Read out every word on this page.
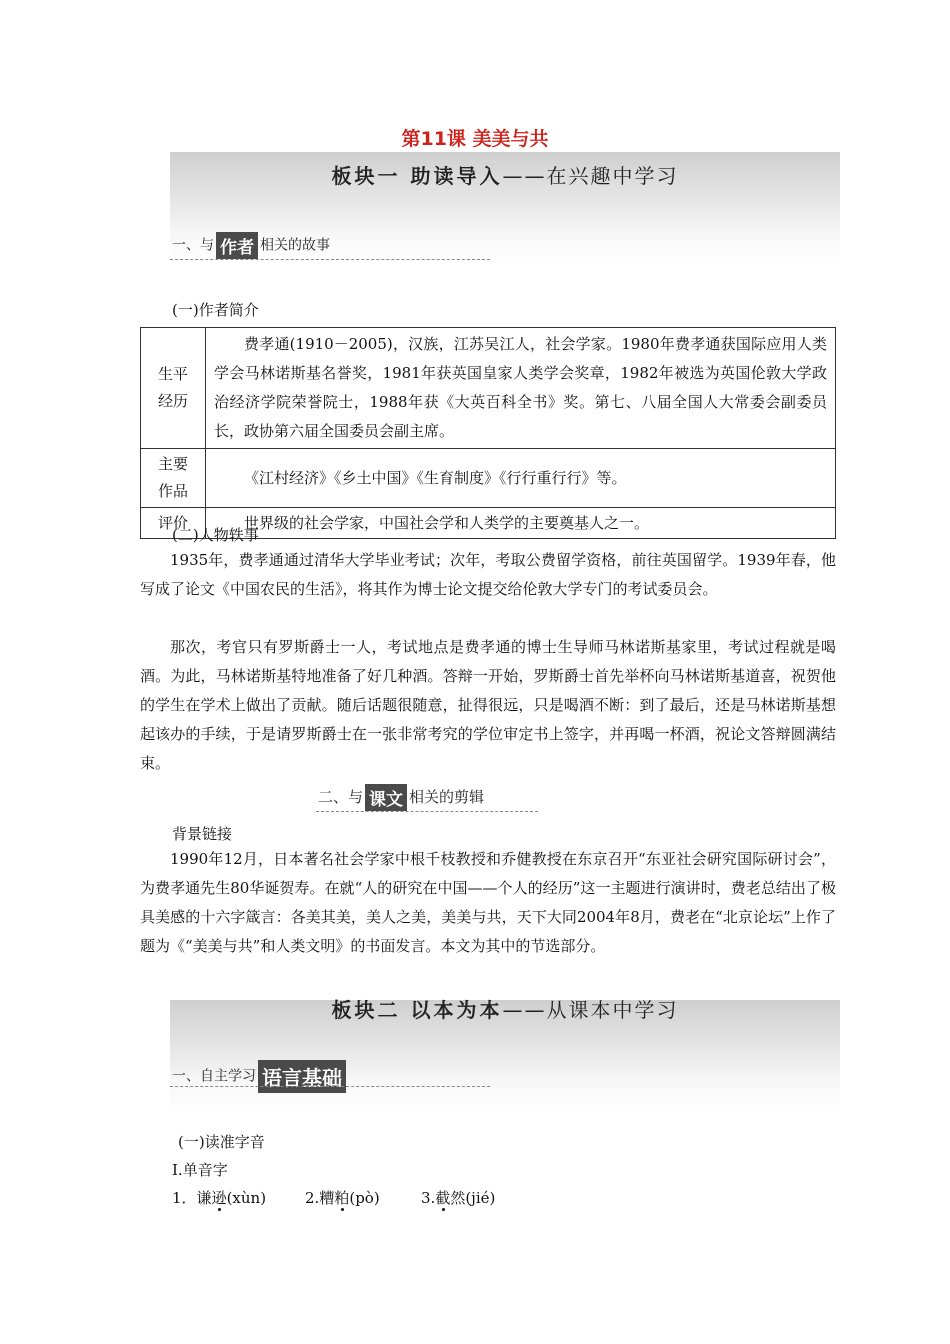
第11课 美美与共
板块一 助读导入——在兴趣中学习
一、与 作者 相关的故事
(一)作者简介
生平
经历	费孝通(1910－2005)，汉族，江苏吴江人，社会学家。1980年费孝通获国际应用人类学会马林诺斯基名誉奖，1981年获英国皇家人类学会奖章，1982年被选为英国伦敦大学政治经济学院荣誉院士，1988年获《大英百科全书》奖。第七、八届全国人大常委会副委员长，政协第六届全国委员会副主席。
主要
作品	《江村经济》《乡土中国》《生育制度》《行行重行行》等。
评价	世界级的社会学家，中国社会学和人类学的主要奠基人之一。
(二)人物轶事
1935年，费孝通通过清华大学毕业考试；次年，考取公费留学资格，前往英国留学。1939年春，他写成了论文《中国农民的生活》，将其作为博士论文提交给伦敦大学专门的考试委员会。
那次，考官只有罗斯爵士一人，考试地点是费孝通的博士生导师马林诺斯基家里，考试过程就是喝酒。为此，马林诺斯基特地准备了好几种酒。答辩一开始，罗斯爵士首先举杯向马林诺斯基道喜，祝贺他的学生在学术上做出了贡献。随后话题很随意，扯得很远，只是喝酒不断：到了最后，还是马林诺斯基想起该办的手续，于是请罗斯爵士在一张非常考究的学位审定书上签字，并再喝一杯酒，祝论文答辩圆满结束。
二、与 课文 相关的剪辑
背景链接
1990年12月，日本著名社会学家中根千枝教授和乔健教授在东京召开“东亚社会研究国际研讨会”，为费孝通先生80华诞贺寿。在就“人的研究在中国——个人的经历”这一主题进行演讲时，费老总结出了极具美感的十六字箴言：各美其美，美人之美，美美与共，天下大同2004年8月，费老在“北京论坛”上作了题为《“美美与共”和人类文明》的书面发言。本文为其中的节选部分。
板块二 以本为本——从课本中学习
一、自主学习 语言基础
(一)读准字音
Ⅰ.单音字
1．谦逊(xùn)	2.糟粕(pò)	3.截然(jié)
